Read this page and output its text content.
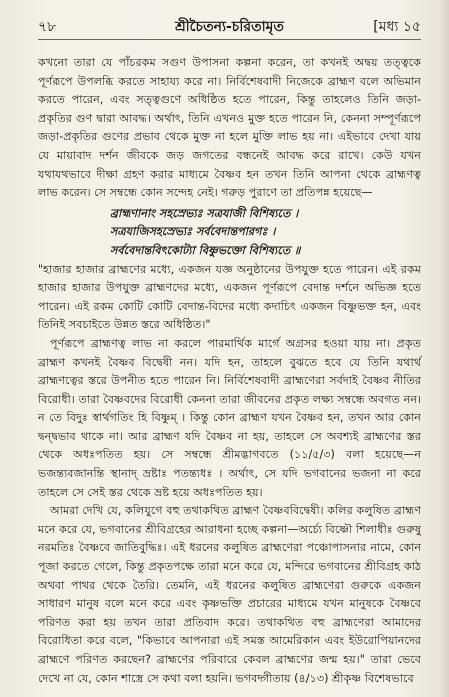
৭৮	শ্রীচৈতন্য-চরিতামৃত	[মধ্য ১৫

কখনো তারা যে পাঁচরকম সগুণ উপাসনা কল্পনা করেন, তা কখনই অদ্বয় তত্ত্বকে পূর্ণরূপে উপলব্ধি করতে সাহায্য করে না। নির্বিশেষবাদী নিজেকে ব্রাহ্মণ বলে অভিমান করতে পারেন, এবং সত্ত্বগুণে অধিষ্ঠিত হতে পারেন, কিন্তু তাহলেও তিনি জড়া-প্রকৃতির গুণ দ্বারা আবদ্ধ। অর্থাৎ, তিনি এখনও মুক্ত হতে পারেন নি, কেননা সম্পূর্ণরূপে জড়া-প্রকৃতির গুণের প্রভাব থেকে মুক্ত না হলে মুক্তি লাভ হয় না। এইভাবে দেখা যায় যে মায়াবাদ দর্শন জীবকে জড় জগতের বন্ধনেই আবদ্ধ করে রাখে। কেউ যখন যথাযথভাবে দীক্ষা গ্রহণ করার মাধ্যমে বৈষ্ণব হন তখন তিনি আপনা থেকে ব্রাহ্মণত্ব লাভ করেন। সে সম্বন্ধে কোন সন্দেহ নেই। গরুড় পুরাণে তা প্রতিপন্ন হয়েছে—

ব্রাহ্মণানাং সহস্রেভ্যঃ সত্রযাজী বিশিষ্যতে ।
সত্রযাজিসহস্রেভ্যঃ সর্ববেদান্তপারগঃ ।
সর্ববেদান্তবিৎকোট্যা বিষ্ণুভক্তো বিশিষ্যতে ॥

"হাজার হাজার ব্রাহ্মণের মধ্যে, একজন যজ্ঞ অনুষ্ঠানের উপযুক্ত হতে পারেন। এই রকম হাজার হাজার উপযুক্ত ব্রাহ্মণদের মধ্যে, একজন পূর্ণরূপে বেদান্ত দর্শনে অভিজ্ঞ হতে পারেন। এই রকম কোটি কোটি বেদান্ত-বিদের মধ্যে কদাচিৎ একজন বিষ্ণুভক্ত হন, এবং তিনিই সবচাইতে উন্নত স্তরে অধিষ্ঠিত।"

পূর্ণরূপে ব্রাহ্মণত্ব লাভ না করলে পারমার্থিক মার্গে অগ্রসর হওয়া যায় না। প্রকৃত ব্রাহ্মণ কখনই বৈষ্ণব বিদ্বেষী নন। যদি হন, তাহলে বুঝতে হবে যে তিনি যথার্থ ব্রাহ্মণত্বের স্তরে উপনীত হতে পারেন নি। নির্বিশেষবাদী ব্রাহ্মণেরা সর্বদাই বৈষ্ণব নীতির বিরোধী। তারা বৈষ্ণবদের বিরোধী কেননা তারা জীবনের প্রকৃত লক্ষ্য সম্বন্ধে অবগত নন। ন তে বিদুঃ স্বার্থগতিং হি বিষ্ণুম্ । কিন্তু কোন ব্রাহ্মণ যখন বৈষ্ণব হন, তখন আর কোন দ্বন্দ্বভাব থাকে না। আর ব্রাহ্মণ যদি বৈষ্ণব না হয়, তাহলে সে অবশ্যই ব্রাহ্মণের স্তর থেকে অধঃপতিত হয়। সে সম্বন্ধে শ্রীমদ্ভাগবতে (১১/৫/৩) বলা হয়েছে—ন ভজন্ত্যবজানন্তি স্থানাদ্ ভ্রষ্টাঃ পতন্ত্যধঃ । অর্থাৎ, সে যদি ভগবানের ভজনা না করে তাহলে সে সেই স্তর থেকে ভ্রষ্ট হয়ে অধঃপতিত হয়।

আমরা দেখি যে, কলিযুগে বহু তথাকথিত ব্রাহ্মণ বৈষ্ণববিদ্বেষী। কলির কলুষিত ব্রাহ্মণ মনে করে যে, ভগবানের শ্রীবিগ্রহের আরাধনা হচ্ছে কল্পনা—অর্চ্যে বিষ্ণৌ শিলাধীঃ গুরুষু নরমতিঃ বৈষ্ণবে জাতিবুদ্ধিঃ। এই ধরনের কলুষিত ব্রাহ্মণেরা পঞ্চোপাসনার নামে, কোন পূজা করতে গেলে, কিন্তু প্রকৃতপক্ষে তারা মনে করে যে, মন্দিরে ভগবানের শ্রীবিগ্রহ কাঠ অথবা পাথর থেকে তৈরি। তেমনি, এই ধরনের কলুষিত ব্রাহ্মণেরা গুরুকে একজন সাধারণ মানুষ বলে মনে করে এবং কৃষ্ণভক্তি প্রচারের মাধ্যমে যখন মানুষকে বৈষ্ণবে পরিণত করা হয় তখন তারা প্রতিবাদ করে। তথাকথিত বহু ব্রাহ্মণেরা আমাদের বিরোধিতা করে বলে, "কিভাবে আপনারা এই সমস্ত আমেরিকান এবং ইউরোপিয়ানদের ব্রাহ্মণে পরিণত করছেন? ব্রাহ্মণের পরিবারে কেবল ব্রাহ্মণের জন্ম হয়।" তারা ভেবে দেখে না যে, কোন শাস্ত্রে সে কথা বলা হয়নি। ভগবদ্গীতায় (৪/১৩) শ্রীকৃষ্ণ বিশেষভাবে
